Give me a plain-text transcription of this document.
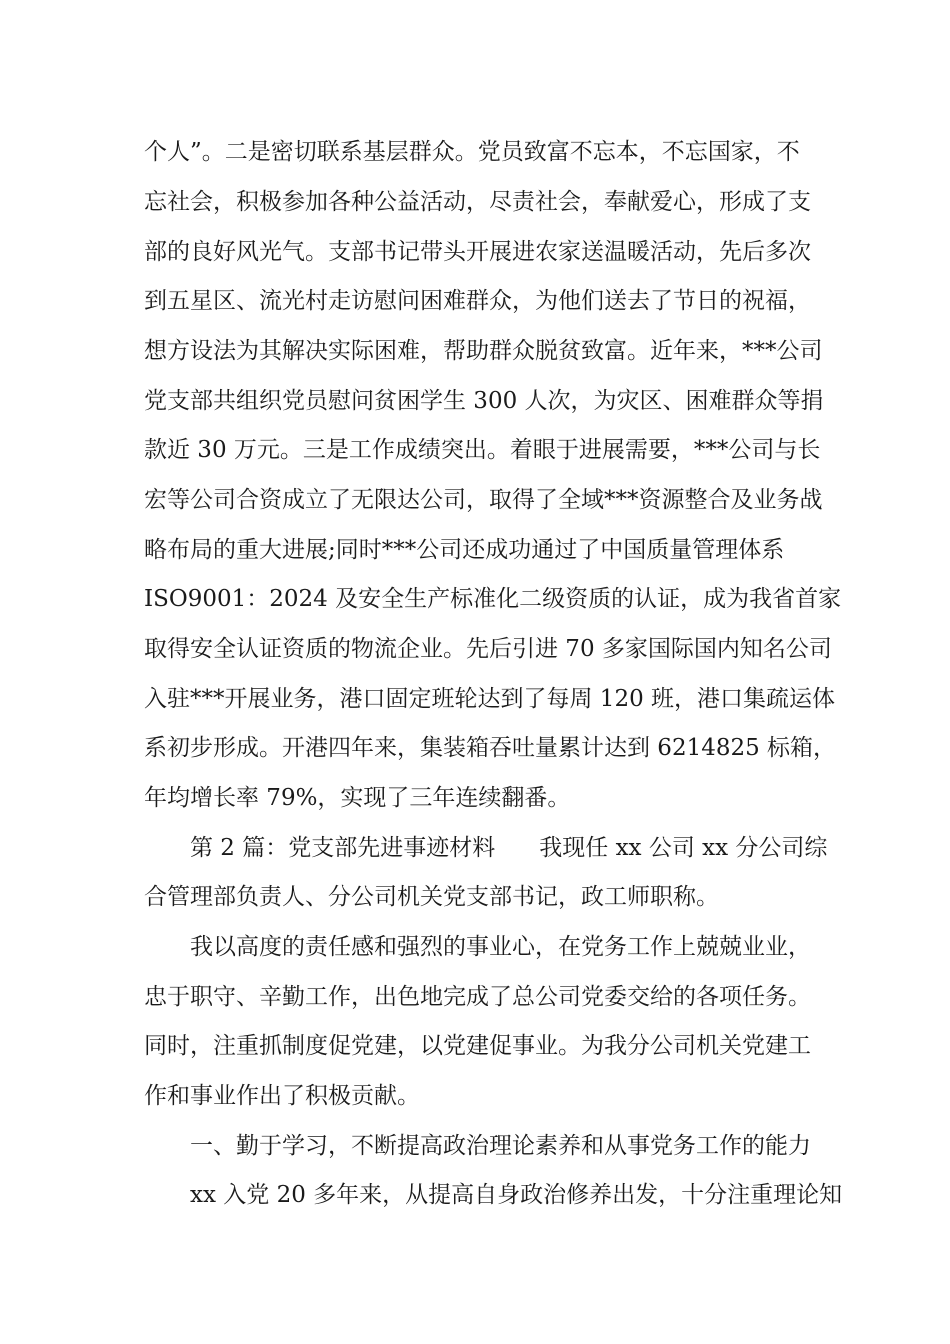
个人”。二是密切联系基层群众。党员致富不忘本，不忘国家，不
忘社会，积极参加各种公益活动，尽责社会，奉献爱心，形成了支
部的良好风光气。支部书记带头开展进农家送温暖活动，先后多次
到五星区、流光村走访慰问困难群众，为他们送去了节日的祝福，
想方设法为其解决实际困难，帮助群众脱贫致富。近年来，***公司
党支部共组织党员慰问贫困学生 300 人次，为灾区、困难群众等捐
款近 30 万元。三是工作成绩突出。着眼于进展需要，***公司与长
宏等公司合资成立了无限达公司，取得了全域***资源整合及业务战
略布局的重大进展;同时***公司还成功通过了中国质量管理体系
ISO9001：2024 及安全生产标准化二级资质的认证，成为我省首家
取得安全认证资质的物流企业。先后引进 70 多家国际国内知名公司
入驻***开展业务，港口固定班轮达到了每周 120 班，港口集疏运体
系初步形成。开港四年来，集装箱吞吐量累计达到 6214825 标箱，
年均增长率 79%，实现了三年连续翻番。
第 2 篇：党支部先进事迹材料 我现任 xx 公司 xx 分公司综
合管理部负责人、分公司机关党支部书记，政工师职称。
我以高度的责任感和强烈的事业心，在党务工作上兢兢业业，
忠于职守、辛勤工作，出色地完成了总公司党委交给的各项任务。
同时，注重抓制度促党建，以党建促事业。为我分公司机关党建工
作和事业作出了积极贡献。
一、勤于学习，不断提高政治理论素养和从事党务工作的能力
xx 入党 20 多年来，从提高自身政治修养出发，十分注重理论知
